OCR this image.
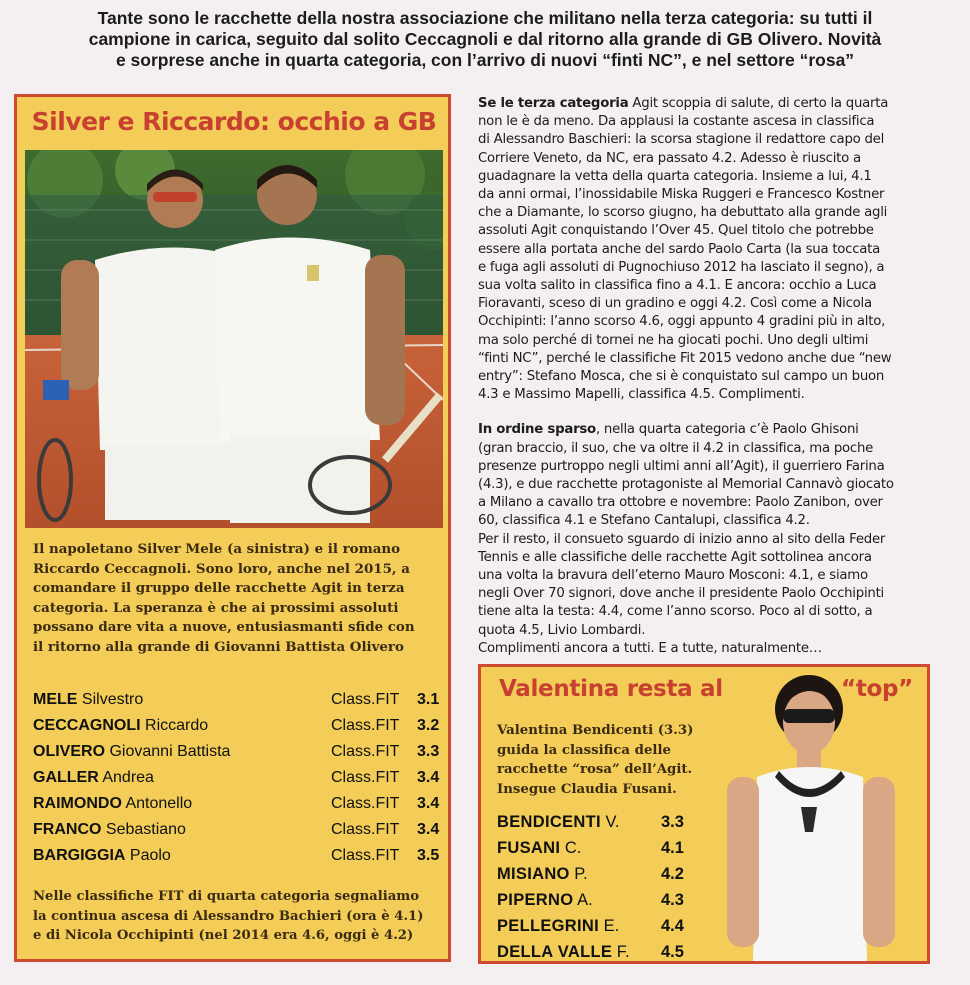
Tante sono le racchette della nostra associazione che militano nella terza categoria: su tutti il
campione in carica, seguito dal solito Ceccagnoli e dal ritorno alla grande di GB Olivero. Novità
e sorprese anche in quarta categoria, con l’arrivo di nuovi “finti NC”, e nel settore “rosa”
Silver e Riccardo: occhio a GB
Il napoletano Silver Mele (a sinistra) e il romano
Riccardo Ceccagnoli. Sono loro, anche nel 2015, a
comandare il gruppo delle racchette Agit in terza
categoria. La speranza è che ai prossimi assoluti
possano dare vita a nuove, entusiasmanti sfide con
il ritorno alla grande di Giovanni Battista Olivero
MELE Silvestro	Class.FIT 3.1
CECCAGNOLI Riccardo	Class.FIT 3.2
OLIVERO Giovanni Battista	Class.FIT 3.3
GALLER Andrea	Class.FIT 3.4
RAIMONDO Antonello	Class.FIT 3.4
FRANCO Sebastiano	Class.FIT 3.4
BARGIGGIA Paolo	Class.FIT 3.5
Nelle classifiche FIT di quarta categoria segnaliamo
la continua ascesa di Alessandro Bachieri (ora è 4.1)
e di Nicola Occhipinti (nel 2014 era 4.6, oggi è 4.2)
Se le terza categoria Agit scoppia di salute, di certo la quarta
non le è da meno. Da applausi la costante ascesa in classifica
di Alessandro Baschieri: la scorsa stagione il redattore capo del
Corriere Veneto, da NC, era passato 4.2. Adesso è riuscito a
guadagnare la vetta della quarta categoria. Insieme a lui, 4.1
da anni ormai, l’inossidabile Miska Ruggeri e Francesco Kostner
che a Diamante, lo scorso giugno, ha debuttato alla grande agli
assoluti Agit conquistando l’Over 45. Quel titolo che potrebbe
essere alla portata anche del sardo Paolo Carta (la sua toccata
e fuga agli assoluti di Pugnochiuso 2012 ha lasciato il segno), a
sua volta salito in classifica fino a 4.1. E ancora: occhio a Luca
Fioravanti, sceso di un gradino e oggi 4.2. Così come a Nicola
Occhipinti: l’anno scorso 4.6, oggi appunto 4 gradini più in alto,
ma solo perché di tornei ne ha giocati pochi. Uno degli ultimi
“finti NC”, perché le classifiche Fit 2015 vedono anche due “new
entry”: Stefano Mosca, che si è conquistato sul campo un buon
4.3 e Massimo Mapelli, classifica 4.5. Complimenti.
In ordine sparso, nella quarta categoria c’è Paolo Ghisoni
(gran braccio, il suo, che va oltre il 4.2 in classifica, ma poche
presenze purtroppo negli ultimi anni all’Agit), il guerriero Farina
(4.3), e due racchette protagoniste al Memorial Cannavò giocato
a Milano a cavallo tra ottobre e novembre: Paolo Zanibon, over
60, classifica 4.1 e Stefano Cantalupi, classifica 4.2.
Per il resto, il consueto sguardo di inizio anno al sito della Feder
Tennis e alle classifiche delle racchette Agit sottolinea ancora
una volta la bravura dell’eterno Mauro Mosconi: 4.1, e siamo
negli Over 70 signori, dove anche il presidente Paolo Occhipinti
tiene alta la testa: 4.4, come l’anno scorso. Poco al di sotto, a
quota 4.5, Livio Lombardi.
Complimenti ancora a tutti. E a tutte, naturalmente…
Valentina resta al	“top”
Valentina Bendicenti (3.3)
guida la classifica delle
racchette “rosa” dell’Agit.
Insegue Claudia Fusani.
BENDICENTI V.	3.3
FUSANI C.	4.1
MISIANO P.	4.2
PIPERNO A.	4.3
PELLEGRINI E.	4.4
DELLA VALLE F. 4.5
